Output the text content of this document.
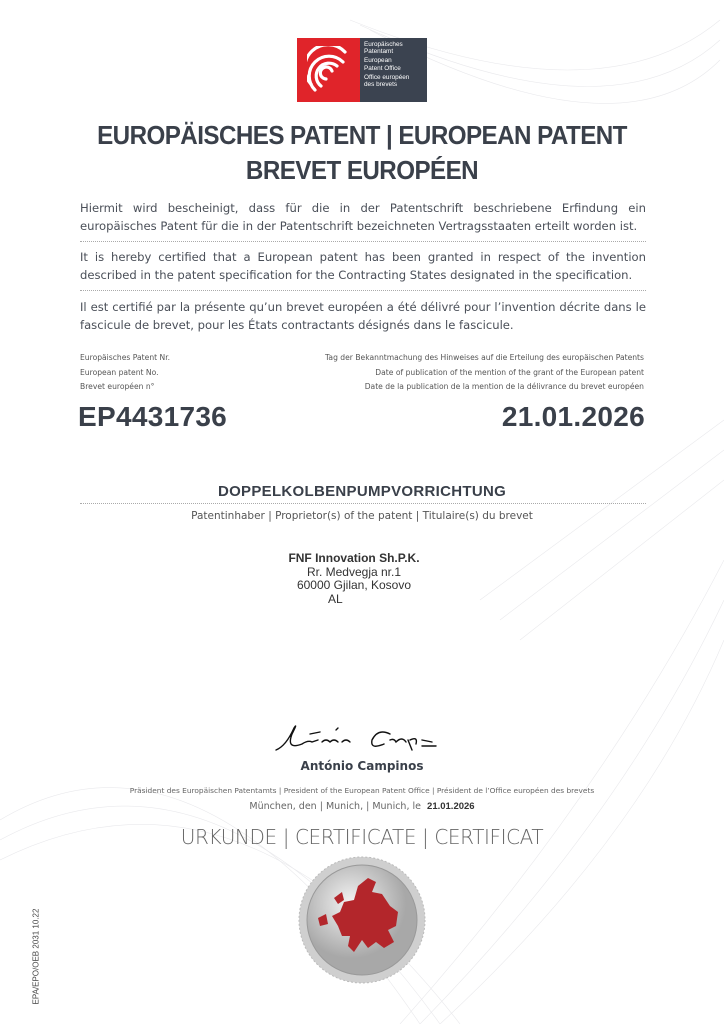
Europäisches
Patentamt
European
Patent Office
Office européen
des brevets
EUROPÄISCHES PATENT | EUROPEAN PATENT
BREVET EUROPÉEN
Hiermit wird bescheinigt, dass für die in der Patentschrift beschriebene Erfindung ein europäisches Patent für die in der Patentschrift bezeichneten Vertragsstaaten erteilt worden ist.
It is hereby certified that a European patent has been granted in respect of the invention described in the patent specification for the Contracting States designated in the specification.
Il est certifié par la présente qu’un brevet européen a été délivré pour l’invention décrite dans le fascicule de brevet, pour les États contractants désignés dans le fascicule.
Europäisches Patent Nr.
European patent No.
Brevet européen n°
Tag der Bekanntmachung des Hinweises auf die Erteilung des europäischen Patents
Date of publication of the mention of the grant of the European patent
Date de la publication de la mention de la délivrance du brevet européen
EP4431736	21.01.2026
DOPPELKOLBENPUMPVORRICHTUNG
Patentinhaber | Proprietor(s) of the patent | Titulaire(s) du brevet
FNF Innovation Sh.P.K.
Rr. Medvegja nr.1
60000 Gjilan, Kosovo
AL
António Campinos
Präsident des Europäischen Patentamts | President of the European Patent Office | Président de l’Office européen des brevets
München, den | Munich, | Munich, le 21.01.2026
URKUNDE | CERTIFICATE | CERTIFICAT
EPA/EPO/OEB 2031 10.22
